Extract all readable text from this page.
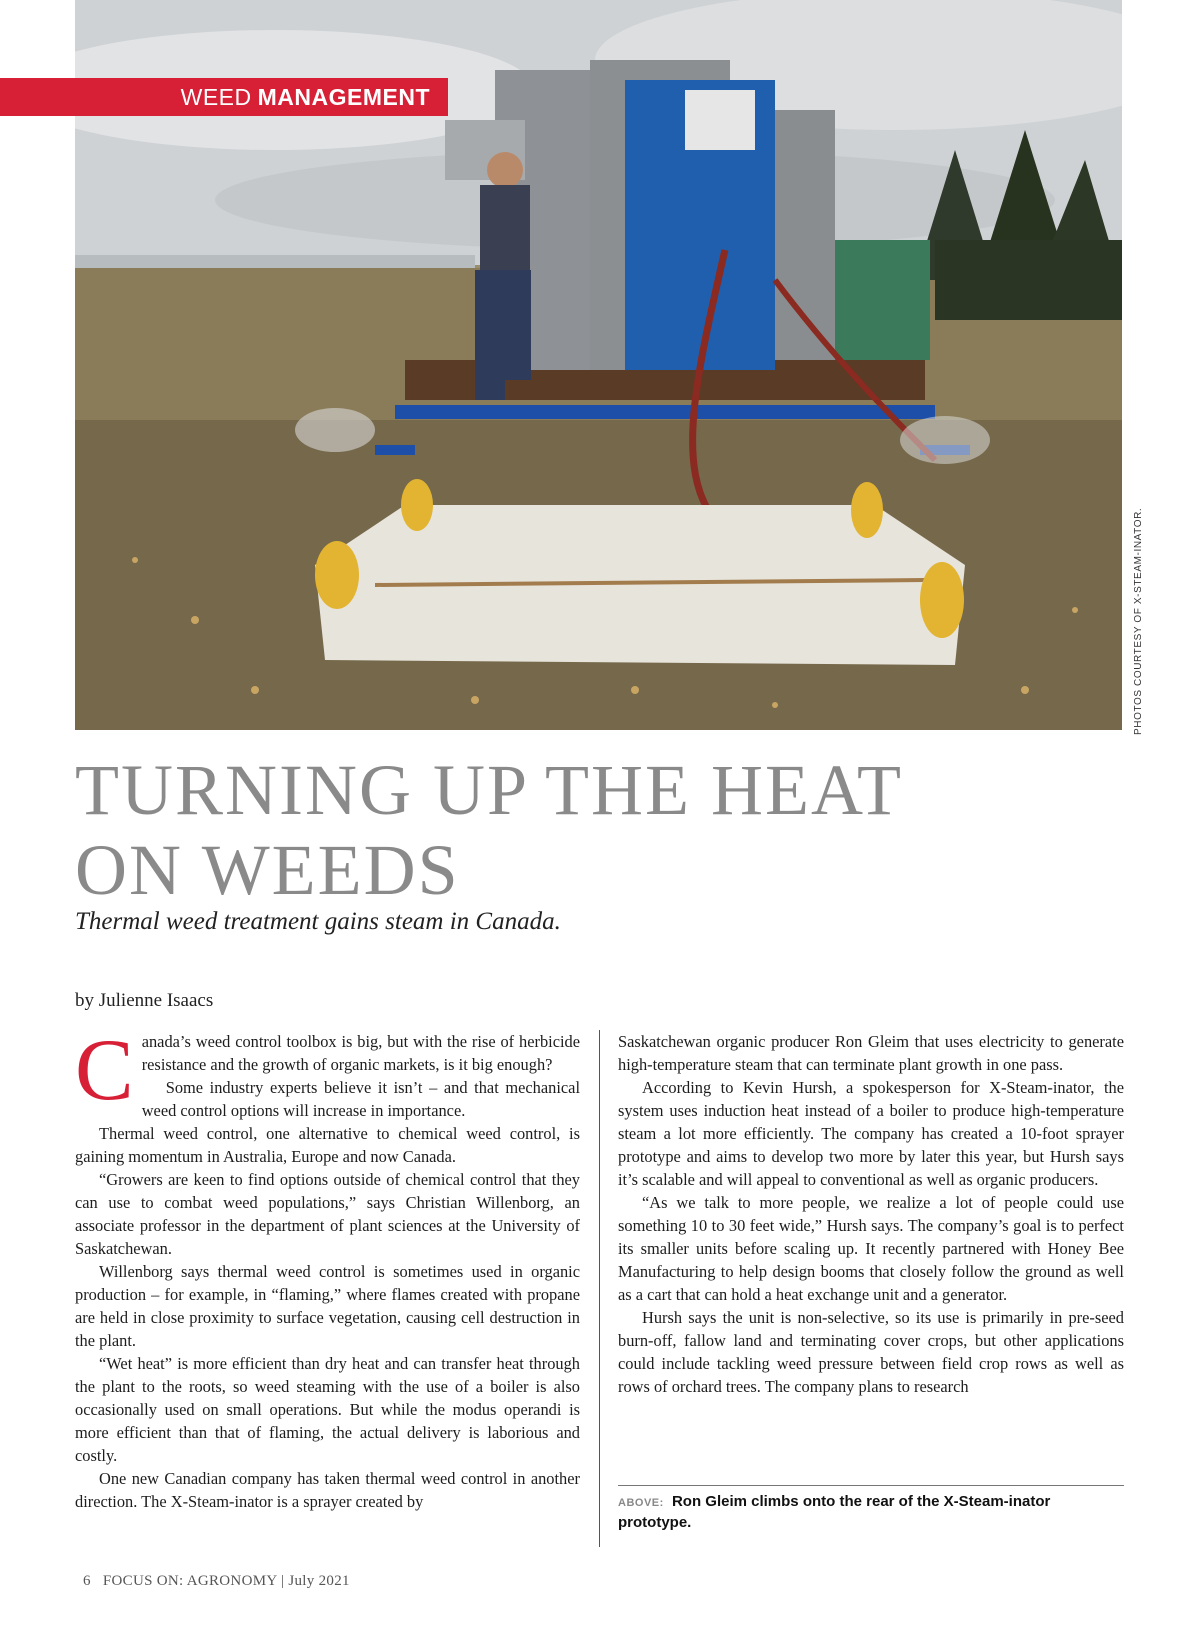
WEED MANAGEMENT
PHOTOS COURTESY OF X-STEAM-INATOR.
TURNING UP THE HEAT
ON WEEDS
Thermal weed treatment gains steam in Canada.
by Julienne Isaacs

Canada’s weed control toolbox is big, but with the rise of herbicide resistance and the growth of organic markets, is it big enough?

Some industry experts believe it isn’t – and that mechanical weed control options will increase in importance.

Thermal weed control, one alternative to chemical weed control, is gaining momentum in Australia, Europe and now Canada.

“Growers are keen to find options outside of chemical control that they can use to combat weed populations,” says Christian Willenborg, an associate professor in the department of plant sciences at the University of Saskatchewan.

Willenborg says thermal weed control is sometimes used in organic production – for example, in “flaming,” where flames created with propane are held in close proximity to surface vegetation, causing cell destruction in the plant.

“Wet heat” is more efficient than dry heat and can transfer heat through the plant to the roots, so weed steaming with the use of a boiler is also occasionally used on small operations. But while the modus operandi is more efficient than that of flaming, the actual delivery is laborious and costly.

One new Canadian company has taken thermal weed control in another direction. The X-Steam-inator is a sprayer created by

Saskatchewan organic producer Ron Gleim that uses electricity to generate high-temperature steam that can terminate plant growth in one pass.

According to Kevin Hursh, a spokesperson for X-Steam-inator, the system uses induction heat instead of a boiler to produce high-temperature steam a lot more efficiently. The company has created a 10-foot sprayer prototype and aims to develop two more by later this year, but Hursh says it’s scalable and will appeal to conventional as well as organic producers.

“As we talk to more people, we realize a lot of people could use something 10 to 30 feet wide,” Hursh says. The company’s goal is to perfect its smaller units before scaling up. It recently partnered with Honey Bee Manufacturing to help design booms that closely follow the ground as well as a cart that can hold a heat exchange unit and a generator.

Hursh says the unit is non-selective, so its use is primarily in pre-seed burn-off, fallow land and terminating cover crops, but other applications could include tackling weed pressure between field crop rows as well as rows of orchard trees. The company plans to research

ABOVE: Ron Gleim climbs onto the rear of the X-Steam-inator prototype.
6 FOCUS ON: AGRONOMY | July 2021
